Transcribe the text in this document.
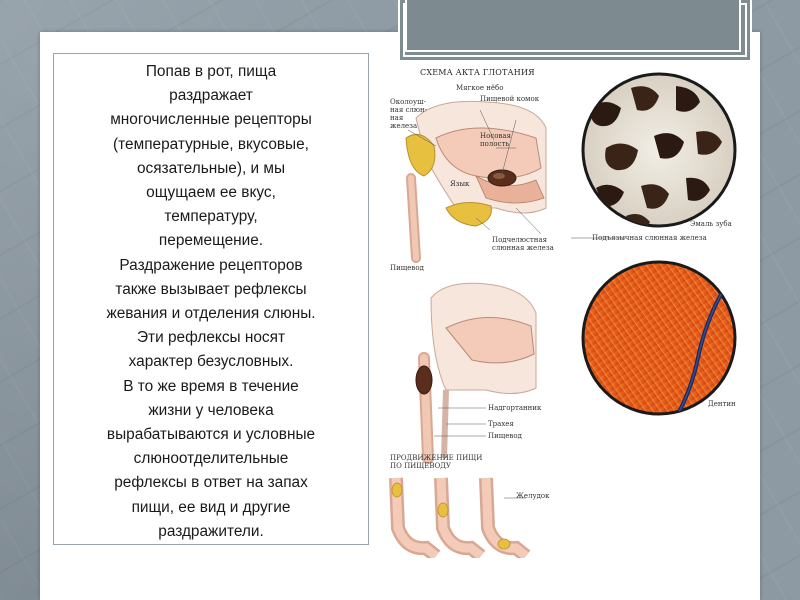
Попав в рот, пища
раздражает
многочисленные рецепторы
(температурные, вкусовые,
осязательные), и мы
ощущаем ее вкус,
температуру,
перемещение.
Раздражение рецепторов
также вызывает рефлексы
жевания и отделения слюны.
Эти рефлексы носят
характер безусловных.
В то же время в течение
жизни у человека
вырабатываются и условные
слюноотделительные
рефлексы в ответ на запах
пищи, ее вид и другие
раздражители.

СХЕМА АКТА ГЛОТАНИЯ
Мягкое нёбо
Околоуш-
ная слюн-
ная
железа
Пищевой комок
Носовая
полость
Язык
Пищевод
Подчелюстная
слюнная железа
Подъязычная слюнная железа
Эмаль зуба
Дентин
Надгортанник
Трахея
Пищевод
ПРОДВИЖЕНИЕ ПИЩИ
ПО ПИЩЕВОДУ
Желудок
